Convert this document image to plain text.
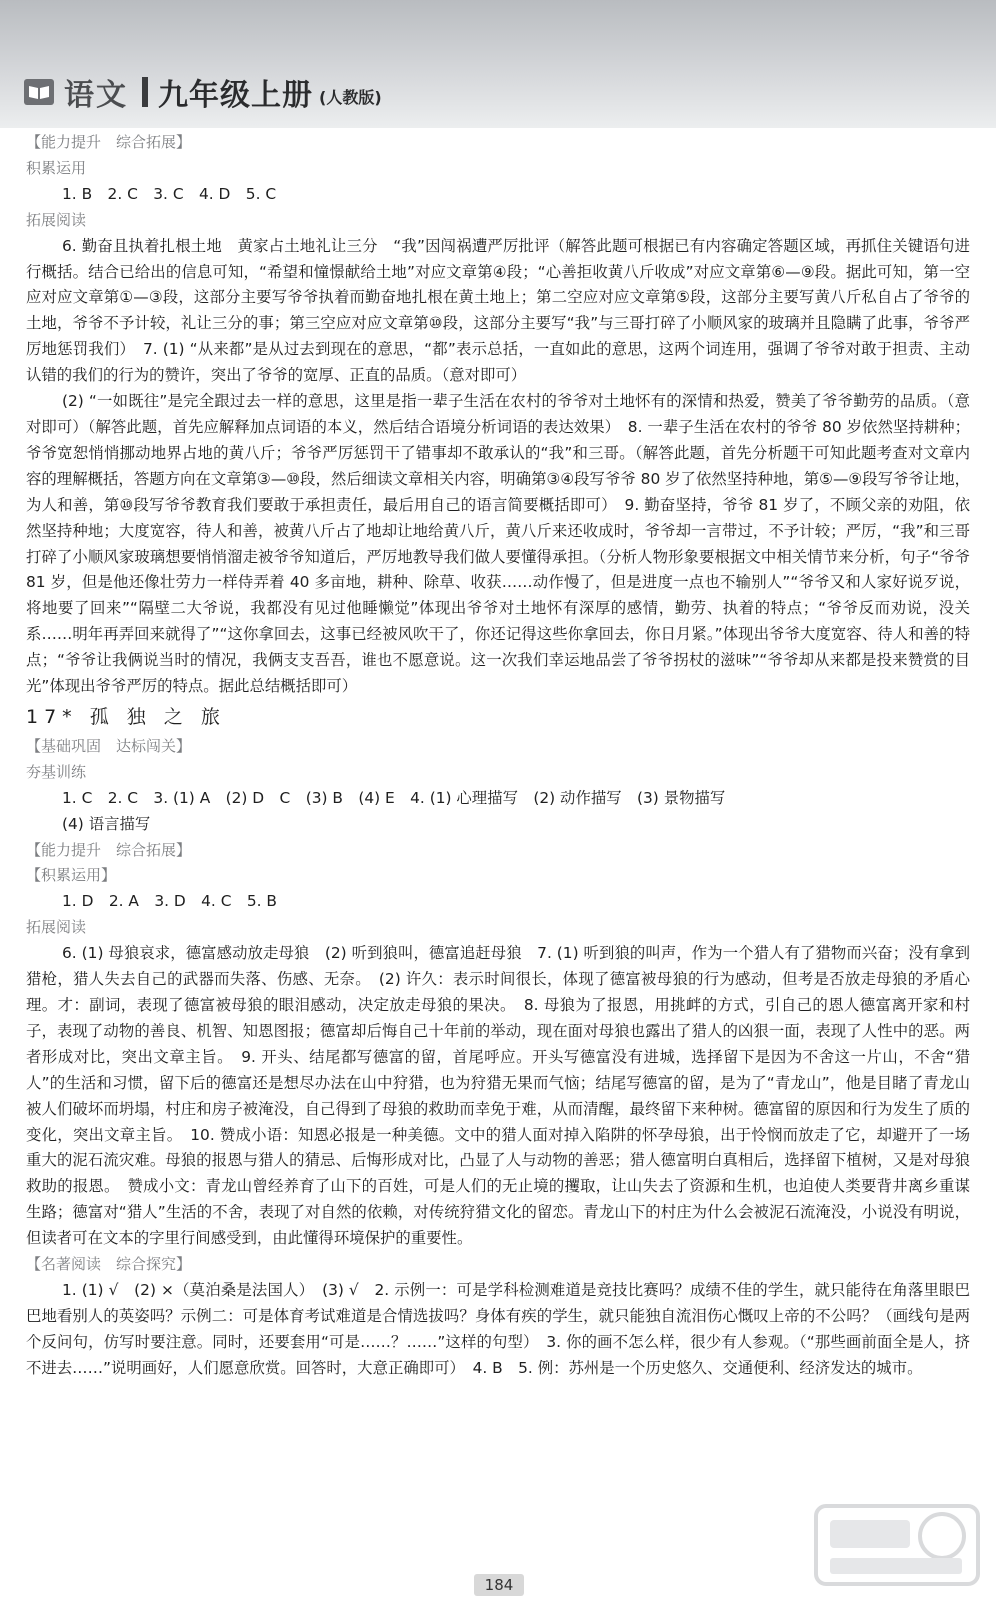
语文 九年级上册 (人教版)

【能力提升　综合拓展】

积累运用

1. B　2. C　3. C　4. D　5. C

拓展阅读

6. 勤奋且执着扎根土地　黄家占土地礼让三分　“我”因闯祸遭严厉批评（解答此题可根据已有内容确定答题区域，再抓住关键语句进行概括。结合已给出的信息可知，“希望和憧憬献给土地”对应文章第④段；“心善拒收黄八斤收成”对应文章第⑥—⑨段。据此可知，第一空应对应文章第①—③段，这部分主要写爷爷执着而勤奋地扎根在黄土地上；第二空应对应文章第⑤段，这部分主要写黄八斤私自占了爷爷的土地，爷爷不予计较，礼让三分的事；第三空应对应文章第⑩段，这部分主要写“我”与三哥打碎了小顺风家的玻璃并且隐瞒了此事，爷爷严厉地惩罚我们）　7. (1) “从来都”是从过去到现在的意思，“都”表示总括，一直如此的意思，这两个词连用，强调了爷爷对敢于担责、主动认错的我们的行为的赞许，突出了爷爷的宽厚、正直的品质。（意对即可）

(2) “一如既往”是完全跟过去一样的意思，这里是指一辈子生活在农村的爷爷对土地怀有的深情和热爱，赞美了爷爷勤劳的品质。（意对即可）（解答此题，首先应解释加点词语的本义，然后结合语境分析词语的表达效果）　8. 一辈子生活在农村的爷爷 80 岁依然坚持耕种；爷爷宽恕悄悄挪动地界占地的黄八斤；爷爷严厉惩罚干了错事却不敢承认的“我”和三哥。（解答此题，首先分析题干可知此题考查对文章内容的理解概括，答题方向在文章第③—⑩段，然后细读文章相关内容，明确第③④段写爷爷 80 岁了依然坚持种地，第⑤—⑨段写爷爷让地，为人和善，第⑩段写爷爷教育我们要敢于承担责任，最后用自己的语言简要概括即可）　9. 勤奋坚持，爷爷 81 岁了，不顾父亲的劝阻，依然坚持种地；大度宽容，待人和善，被黄八斤占了地却让地给黄八斤，黄八斤来还收成时，爷爷却一言带过，不予计较；严厉，“我”和三哥打碎了小顺风家玻璃想要悄悄溜走被爷爷知道后，严厉地教导我们做人要懂得承担。（分析人物形象要根据文中相关情节来分析，句子“爷爷 81 岁，但是他还像壮劳力一样侍弄着 40 多亩地，耕种、除草、收获……动作慢了，但是进度一点也不输别人”“爷爷又和人家好说歹说，将地要了回来”“隔壁二大爷说，我都没有见过他睡懒觉”体现出爷爷对土地怀有深厚的感情，勤劳、执着的特点；“爷爷反而劝说，没关系……明年再弄回来就得了”“这你拿回去，这事已经被风吹干了，你还记得这些你拿回去，你日月紧。”体现出爷爷大度宽容、待人和善的特点；“爷爷让我俩说当时的情况，我俩支支吾吾，谁也不愿意说。这一次我们幸运地品尝了爷爷拐杖的滋味”“爷爷却从来都是投来赞赏的目光”体现出爷爷严厉的特点。据此总结概括即可）

17* 孤 独 之 旅

【基础巩固　达标闯关】

夯基训练

1. C　2. C　3. (1) A　(2) D　C　(3) B　(4) E　4. (1) 心理描写　(2) 动作描写　(3) 景物描写

(4) 语言描写

【能力提升　综合拓展】

【积累运用】

1. D　2. A　3. D　4. C　5. B

拓展阅读

6. (1) 母狼哀求，德富感动放走母狼　(2) 听到狼叫，德富追赶母狼　7. (1) 听到狼的叫声，作为一个猎人有了猎物而兴奋；没有拿到猎枪，猎人失去自己的武器而失落、伤感、无奈。　(2) 许久：表示时间很长，体现了德富被母狼的行为感动，但考是否放走母狼的矛盾心理。才：副词，表现了德富被母狼的眼泪感动，决定放走母狼的果决。　8. 母狼为了报恩，用挑衅的方式，引自己的恩人德富离开家和村子，表现了动物的善良、机智、知恩图报；德富却后悔自己十年前的举动，现在面对母狼也露出了猎人的凶狠一面，表现了人性中的恶。两者形成对比，突出文章主旨。　9. 开头、结尾都写德富的留，首尾呼应。开头写德富没有进城，选择留下是因为不舍这一片山，不舍“猎人”的生活和习惯，留下后的德富还是想尽办法在山中狩猎，也为狩猎无果而气恼；结尾写德富的留，是为了“青龙山”，他是目睹了青龙山被人们破坏而坍塌，村庄和房子被淹没，自己得到了母狼的救助而幸免于难，从而清醒，最终留下来种树。德富留的原因和行为发生了质的变化，突出文章主旨。　10. 赞成小语：知恩必报是一种美德。文中的猎人面对掉入陷阱的怀孕母狼，出于怜悯而放走了它，却避开了一场重大的泥石流灾难。母狼的报恩与猎人的猜忌、后悔形成对比，凸显了人与动物的善恶；猎人德富明白真相后，选择留下植树，又是对母狼救助的报恩。　赞成小文：青龙山曾经养育了山下的百姓，可是人们的无止境的攫取，让山失去了资源和生机，也迫使人类要背井离乡重谋生路；德富对“猎人”生活的不舍，表现了对自然的依赖，对传统狩猎文化的留恋。青龙山下的村庄为什么会被泥石流淹没，小说没有明说，但读者可在文本的字里行间感受到，由此懂得环境保护的重要性。

【名著阅读　综合探究】

1. (1) √　(2) ×（莫泊桑是法国人）　(3) √　2. 示例一：可是学科检测难道是竞技比赛吗？成绩不佳的学生，就只能待在角落里眼巴巴地看别人的英姿吗？示例二：可是体育考试难道是合情选拔吗？身体有疾的学生，就只能独自流泪伤心慨叹上帝的不公吗？（画线句是两个反问句，仿写时要注意。同时，还要套用“可是……？……”这样的句型）　3. 你的画不怎么样，很少有人参观。（“那些画前面全是人，挤不进去……”说明画好，人们愿意欣赏。回答时，大意正确即可）　4. B　5. 例：苏州是一个历史悠久、交通便利、经济发达的城市。

184
